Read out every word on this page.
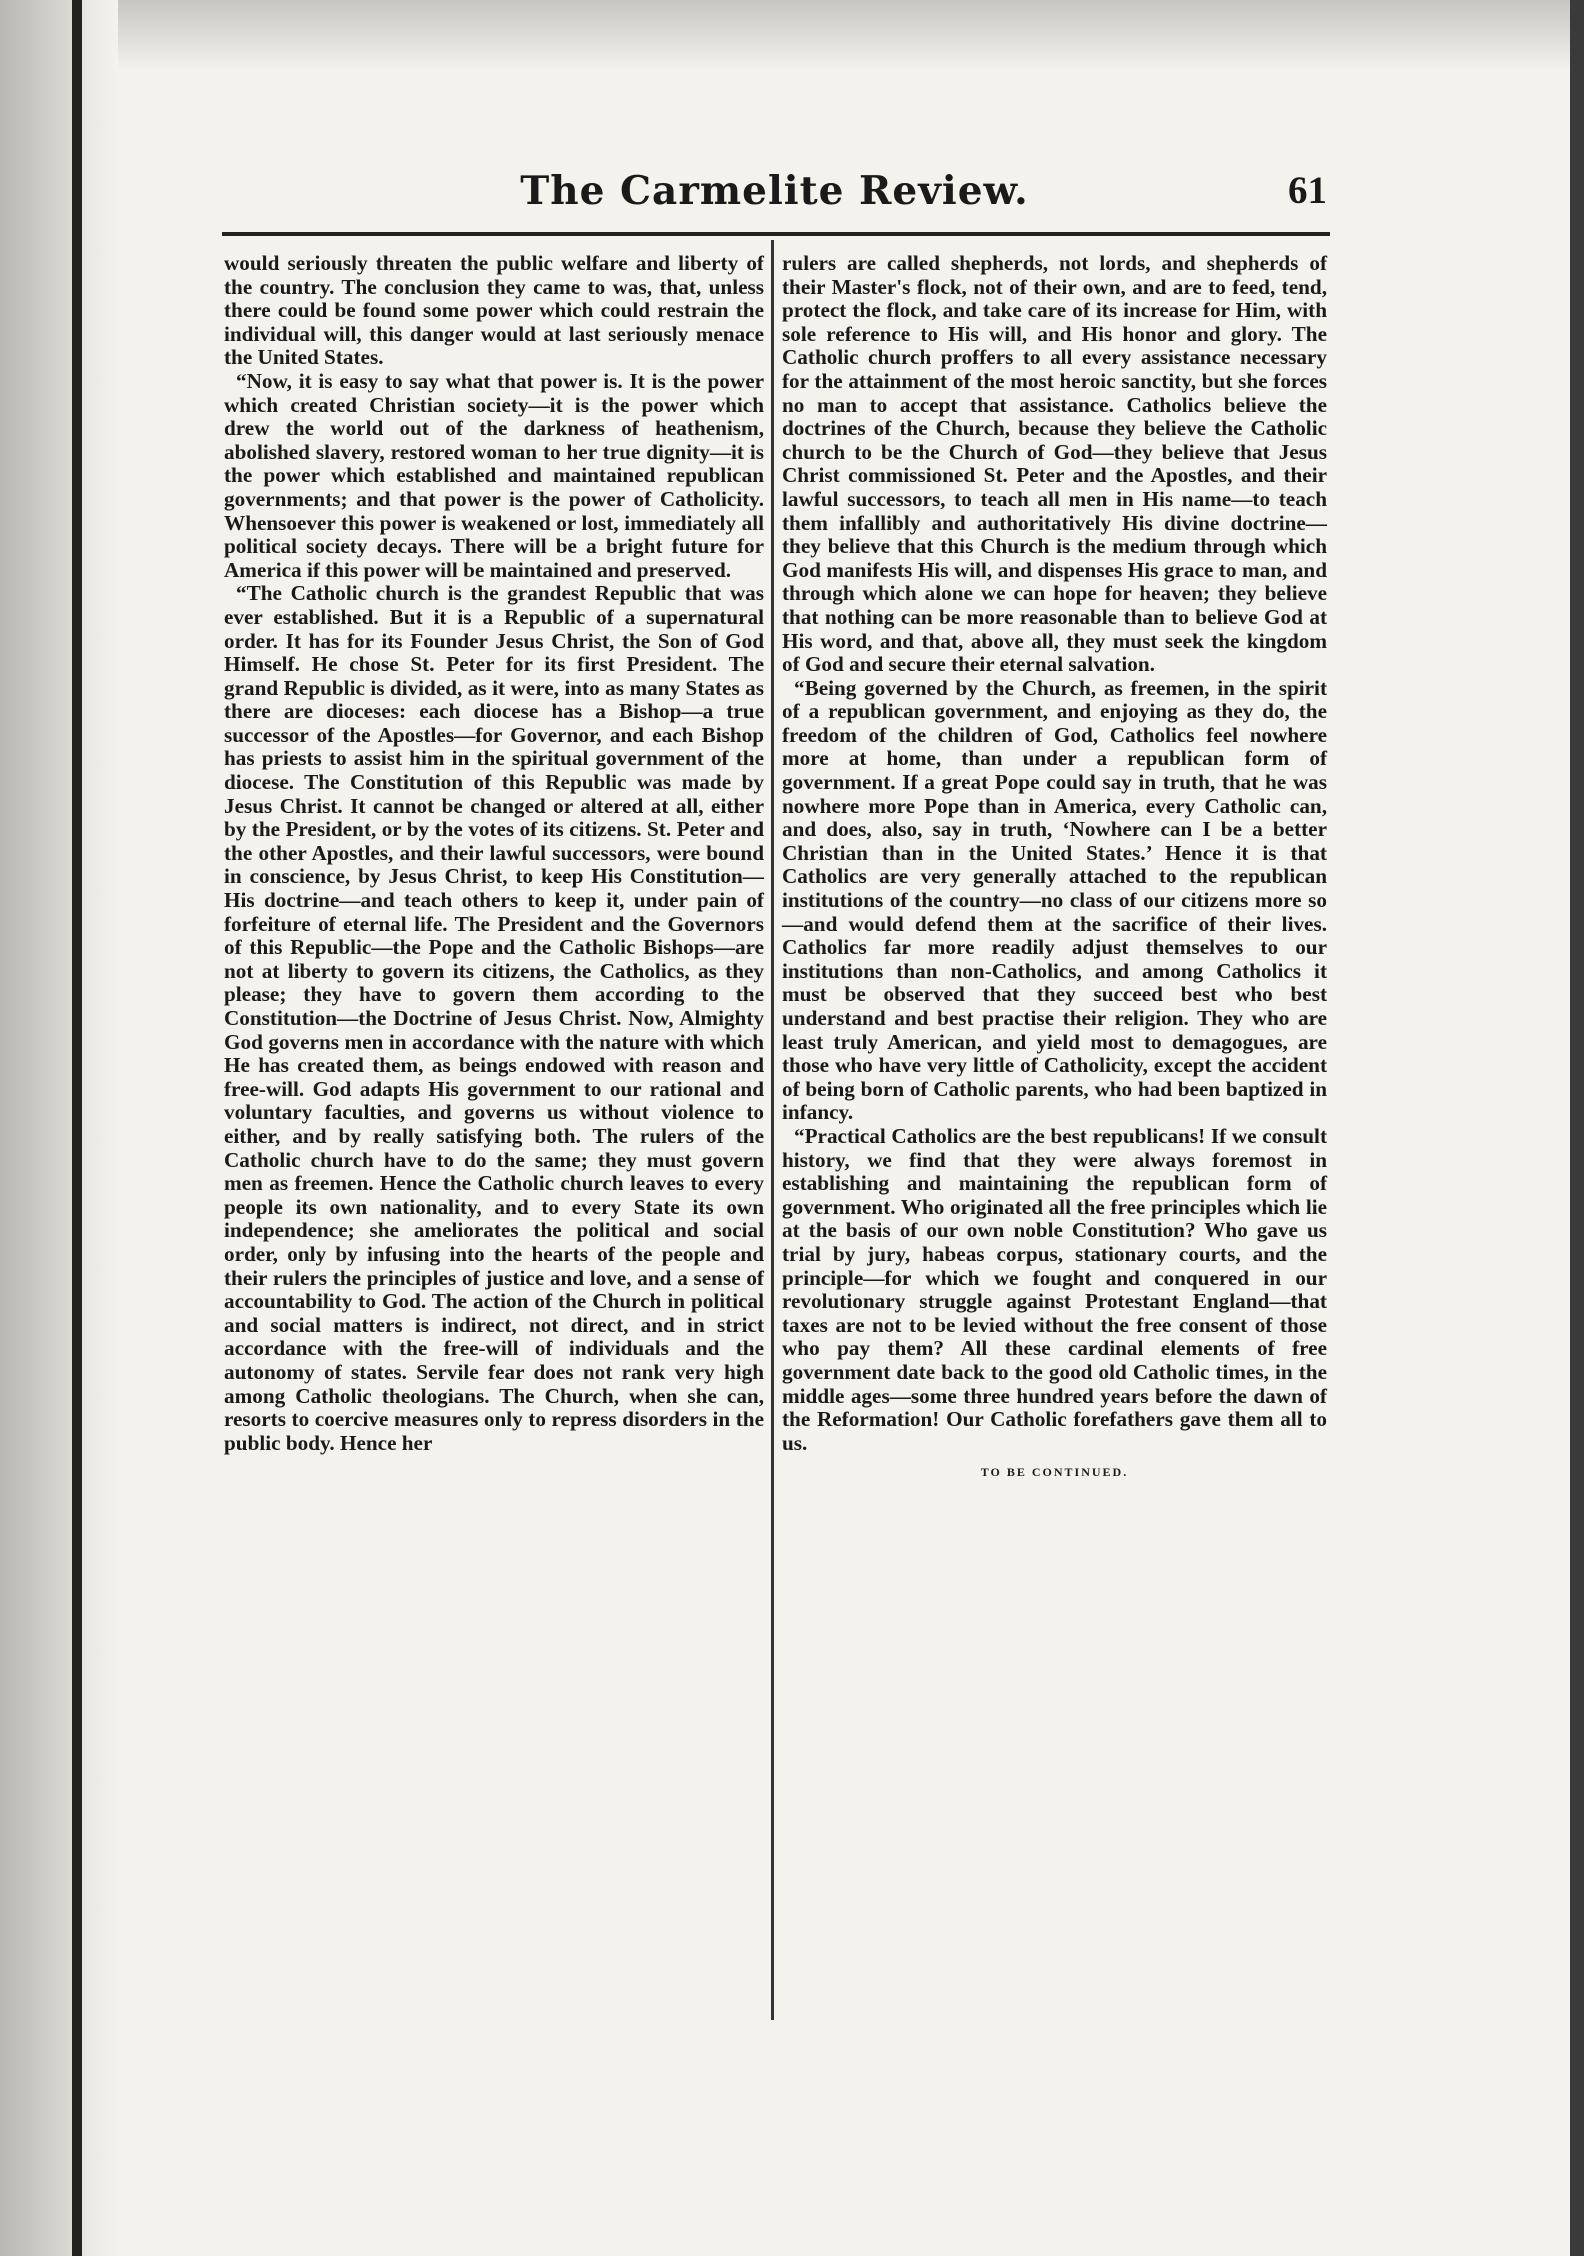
The Carmelite Review.	61

would seriously threaten the public welfare and liberty of the country. The conclusion they came to was, that, unless there could be found some power which could restrain the individual will, this danger would at last seriously menace the United States.

“Now, it is easy to say what that power is. It is the power which created Christian society—it is the power which drew the world out of the darkness of heathenism, abolished slavery, restored woman to her true dignity—it is the power which established and maintained republican governments; and that power is the power of Catholicity. Whensoever this power is weakened or lost, immediately all political society decays. There will be a bright future for America if this power will be maintained and preserved.

“The Catholic church is the grandest Republic that was ever established. But it is a Republic of a supernatural order. It has for its Founder Jesus Christ, the Son of God Himself. He chose St. Peter for its first President. The grand Republic is divided, as it were, into as many States as there are dioceses: each diocese has a Bishop—a true successor of the Apostles—for Governor, and each Bishop has priests to assist him in the spiritual government of the diocese. The Constitution of this Republic was made by Jesus Christ. It cannot be changed or altered at all, either by the President, or by the votes of its citizens. St. Peter and the other Apostles, and their lawful successors, were bound in conscience, by Jesus Christ, to keep His Constitution—His doctrine—and teach others to keep it, under pain of forfeiture of eternal life. The President and the Governors of this Republic—the Pope and the Catholic Bishops—are not at liberty to govern its citizens, the Catholics, as they please; they have to govern them according to the Constitution—the Doctrine of Jesus Christ. Now, Almighty God governs men in accordance with the nature with which He has created them, as beings endowed with reason and free-will. God adapts His government to our rational and voluntary faculties, and governs us without violence to either, and by really satisfying both. The rulers of the Catholic church have to do the same; they must govern men as freemen. Hence the Catholic church leaves to every people its own nationality, and to every State its own independence; she ameliorates the political and social order, only by infusing into the hearts of the people and their rulers the principles of justice and love, and a sense of accountability to God. The action of the Church in political and social matters is indirect, not direct, and in strict accordance with the free-will of individuals and the autonomy of states. Servile fear does not rank very high among Catholic theologians. The Church, when she can, resorts to coercive measures only to repress disorders in the public body. Hence her

rulers are called shepherds, not lords, and shepherds of their Master's flock, not of their own, and are to feed, tend, protect the flock, and take care of its increase for Him, with sole reference to His will, and His honor and glory. The Catholic church proffers to all every assistance necessary for the attainment of the most heroic sanctity, but she forces no man to accept that assistance. Catholics believe the doctrines of the Church, because they believe the Catholic church to be the Church of God—they believe that Jesus Christ commissioned St. Peter and the Apostles, and their lawful successors, to teach all men in His name—to teach them infallibly and authoritatively His divine doctrine—they believe that this Church is the medium through which God manifests His will, and dispenses His grace to man, and through which alone we can hope for heaven; they believe that nothing can be more reasonable than to believe God at His word, and that, above all, they must seek the kingdom of God and secure their eternal salvation.

“Being governed by the Church, as freemen, in the spirit of a republican government, and enjoying as they do, the freedom of the children of God, Catholics feel nowhere more at home, than under a republican form of government. If a great Pope could say in truth, that he was nowhere more Pope than in America, every Catholic can, and does, also, say in truth, ‘Nowhere can I be a better Christian than in the United States.’ Hence it is that Catholics are very generally attached to the republican institutions of the country—no class of our citizens more so—and would defend them at the sacrifice of their lives. Catholics far more readily adjust themselves to our institutions than non-Catholics, and among Catholics it must be observed that they succeed best who best understand and best practise their religion. They who are least truly American, and yield most to demagogues, are those who have very little of Catholicity, except the accident of being born of Catholic parents, who had been baptized in infancy.

“Practical Catholics are the best republicans! If we consult history, we find that they were always foremost in establishing and maintaining the republican form of government. Who originated all the free principles which lie at the basis of our own noble Constitution? Who gave us trial by jury, habeas corpus, stationary courts, and the principle—for which we fought and conquered in our revolutionary struggle against Protestant England—that taxes are not to be levied without the free consent of those who pay them? All these cardinal elements of free government date back to the good old Catholic times, in the middle ages—some three hundred years before the dawn of the Reformation! Our Catholic forefathers gave them all to us.

TO BE CONTINUED.
